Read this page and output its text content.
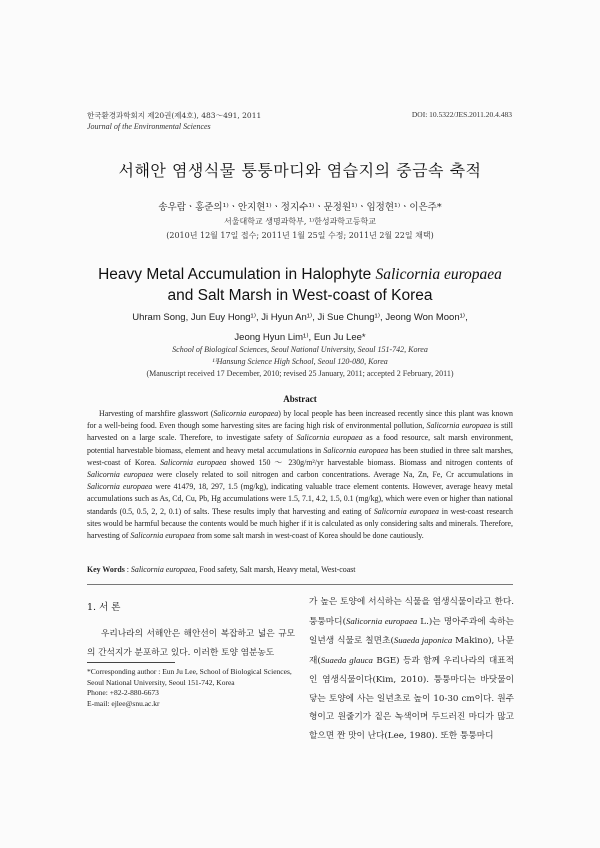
한국환경과학회지 제20권(제4호), 483～491, 2011
Journal of the Environmental Sciences
DOI: 10.5322/JES.2011.20.4.483
서해안 염생식물 퉁퉁마디와 염습지의 중금속 축적
송우람ㆍ홍준의¹⁾ㆍ안지현¹⁾ㆍ정지수¹⁾ㆍ문정원¹⁾ㆍ임정현¹⁾ㆍ이은주*
서울대학교 생명과학부, ¹⁾한성과학고등학교
(2010년 12월 17일 접수; 2011년 1월 25일 수정; 2011년 2월 22일 채택)
Heavy Metal Accumulation in Halophyte Salicornia europaea
and Salt Marsh in West-coast of Korea
Uhram Song, Jun Euy Hong¹⁾, Ji Hyun An¹⁾, Ji Sue Chung¹⁾, Jeong Won Moon¹⁾,
Jeong Hyun Lim¹⁾, Eun Ju Lee*
School of Biological Sciences, Seoul National University, Seoul 151-742, Korea
¹⁾Hansung Science High School, Seoul 120-080, Korea
(Manuscript received 17 December, 2010; revised 25 January, 2011; accepted 2 February, 2011)
Abstract
Harvesting of marshfire glasswort (Salicornia europaea) by local people has been increased recently since this plant was known for a well-being food. Even though some harvesting sites are facing high risk of environmental pollution, Salicornia europaea is still harvested on a large scale. Therefore, to investigate safety of Salicornia europaea as a food resource, salt marsh environment, potential harvestable biomass, element and heavy metal accumulations in Salicornia europaea has been studied in three salt marshes, west-coast of Korea. Salicornia europaea showed 150 ～ 230g/m²/yr harvestable biomass. Biomass and nitrogen contents of Salicornia europaea were closely related to soil nitrogen and carbon concentrations. Average Na, Zn, Fe, Cr accumulations in Salicornia europaea were 41479, 18, 297, 1.5 (mg/kg), indicating valuable trace element contents. However, average heavy metal accumulations such as As, Cd, Cu, Pb, Hg accumulations were 1.5, 7.1, 4.2, 1.5, 0.1 (mg/kg), which were even or higher than national standards (0.5, 0.5, 2, 2, 0.1) of salts. These results imply that harvesting and eating of Salicornia europaea in west-coast research sites would be harmful because the contents would be much higher if it is calculated as only considering salts and minerals. Therefore, harvesting of Salicornia europaea from some salt marsh in west-coast of Korea should be done cautiously.
Key Words : Salicornia europaea, Food safety, Salt marsh, Heavy metal, West-coast
1. 서 론
우리나라의 서해안은 해안선이 복잡하고 넓은 규모의 간석지가 분포하고 있다. 이러한 토양 염분농도
*Corresponding author : Eun Ju Lee, School of Biological Sciences, Seoul National University, Seoul 151-742, Korea
Phone: +82-2-880-6673
E-mail: ejlee@snu.ac.kr
가 높은 토양에 서식하는 식물을 염생식물이라고 한다. 퉁퉁마디(Salicornia europaea L.)는 명아주과에 속하는 일년생 식물로 칠면초(Suaeda japonica Makino), 나문재(Suaeda glauca BGE) 등과 함께 우리나라의 대표적인 염생식물이다(Kim, 2010). 퉁퉁마디는 바닷물이 닿는 토양에 사는 일년초로 높이 10-30 cm이다. 원주형이고 원줄기가 짙은 녹색이며 두드러진 마디가 많고 할으면 짠 맛이 난다(Lee, 1980). 또한 퉁퉁마디
